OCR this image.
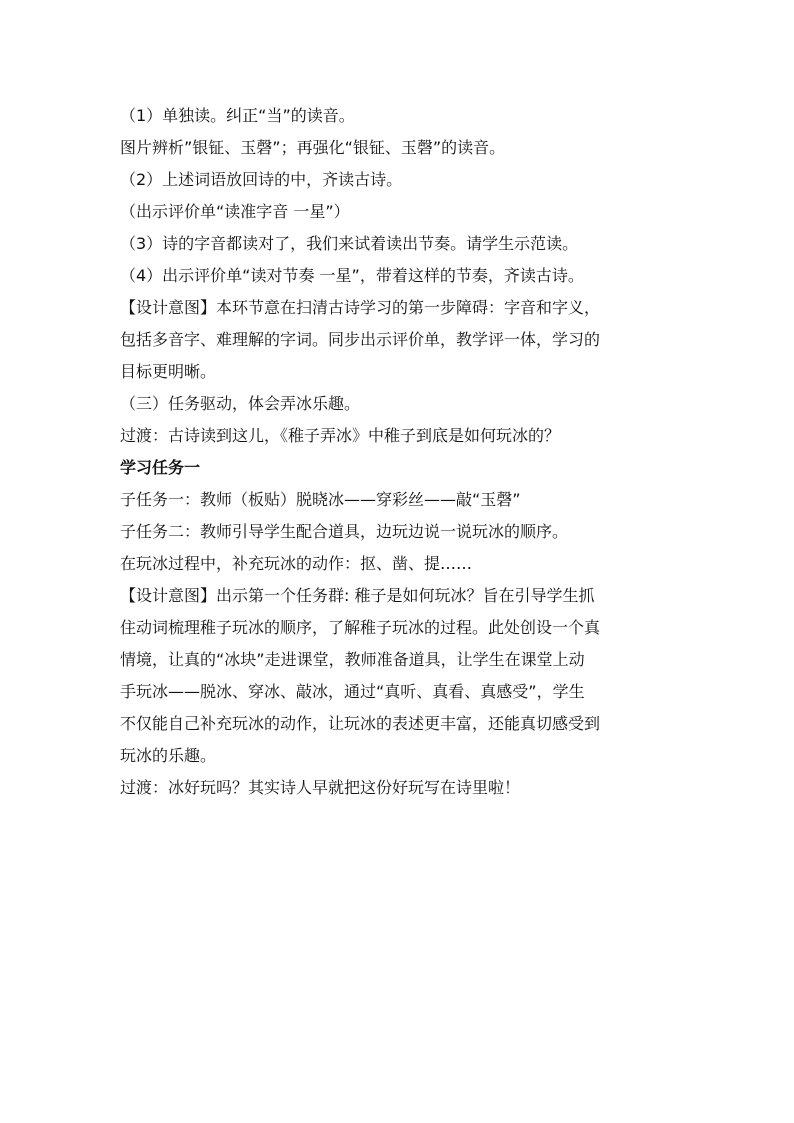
（1）单独读。纠正“当”的读音。

图片辨析”银钲、玉磬”；再强化“银钲、玉磬”的读音。

（2）上述词语放回诗的中，齐读古诗。

（出示评价单“读准字音 一星”）

（3）诗的字音都读对了，我们来试着读出节奏。请学生示范读。

（4）出示评价单“读对节奏 一星”，带着这样的节奏，齐读古诗。

【设计意图】本环节意在扫清古诗学习的第一步障碍：字音和字义，

包括多音字、难理解的字词。同步出示评价单，教学评一体，学习的

目标更明晰。

（三）任务驱动，体会弄冰乐趣。

过渡：古诗读到这儿，《稚子弄冰》中稚子到底是如何玩冰的？

学习任务一

子任务一：教师（板贴）脱晓冰——穿彩丝——敲“玉磬”

子任务二：教师引导学生配合道具，边玩边说一说玩冰的顺序。

在玩冰过程中，补充玩冰的动作：抠、凿、提……

【设计意图】出示第一个任务群: 稚子是如何玩冰？旨在引导学生抓

住动词梳理稚子玩冰的顺序，了解稚子玩冰的过程。此处创设一个真

情境，让真的“冰块”走进课堂，教师准备道具，让学生在课堂上动

手玩冰——脱冰、穿冰、敲冰，通过“真听、真看、真感受”，学生

不仅能自己补充玩冰的动作，让玩冰的表述更丰富，还能真切感受到

玩冰的乐趣。

过渡：冰好玩吗？其实诗人早就把这份好玩写在诗里啦！
